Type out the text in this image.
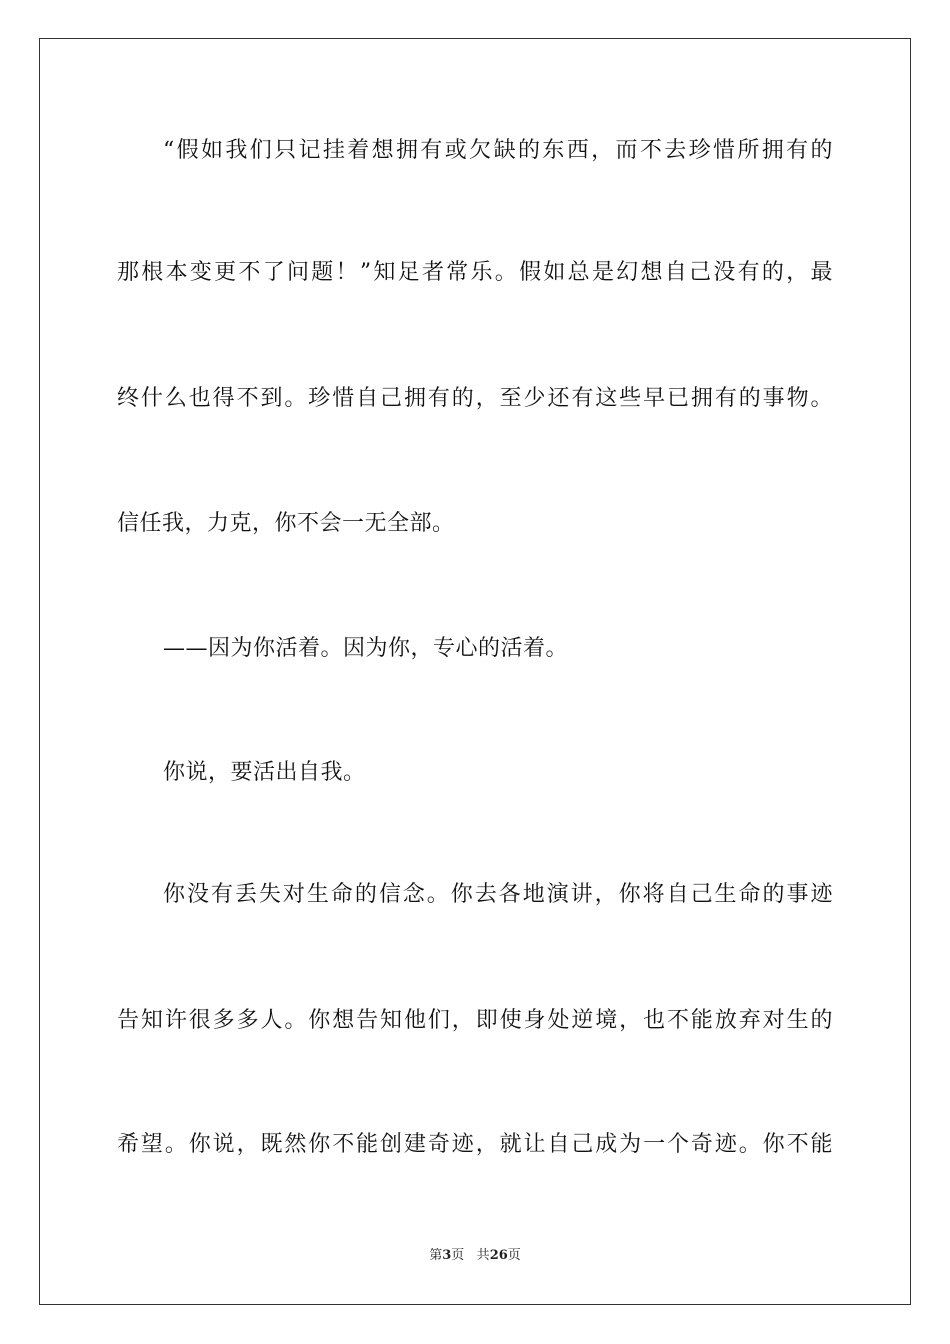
“假如我们只记挂着想拥有或欠缺的东西，而不去珍惜所拥有的
那根本变更不了问题！”知足者常乐。假如总是幻想自己没有的，最
终什么也得不到。珍惜自己拥有的，至少还有这些早已拥有的事物。
信任我，力克，你不会一无全部。
——因为你活着。因为你，专心的活着。
你说，要活出自我。
你没有丢失对生命的信念。你去各地演讲，你将自己生命的事迹
告知许很多多人。你想告知他们，即使身处逆境，也不能放弃对生的
希望。你说，既然你不能创建奇迹，就让自己成为一个奇迹。你不能
第3页 共26页
